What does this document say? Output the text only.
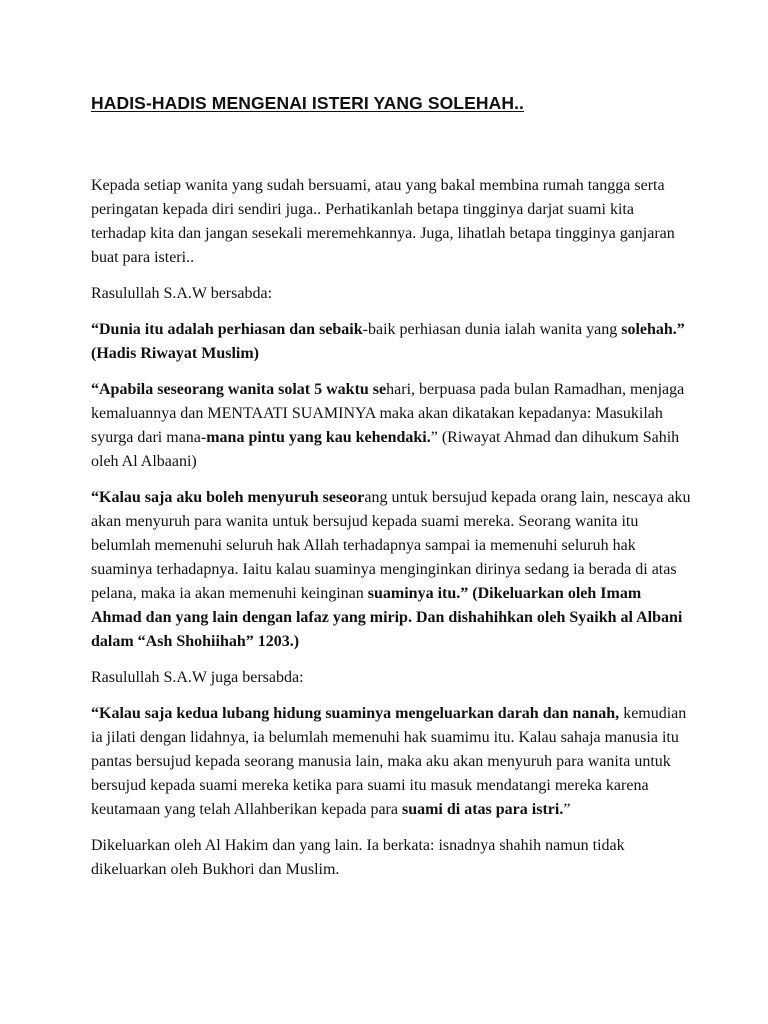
HADIS-HADIS MENGENAI ISTERI YANG SOLEHAH..

Kepada setiap wanita yang sudah bersuami, atau yang bakal membina rumah tangga serta peringatan kepada diri sendiri juga.. Perhatikanlah betapa tingginya darjat suami kita terhadap kita dan jangan sesekali meremehkannya. Juga, lihatlah betapa tingginya ganjaran buat para isteri..

Rasulullah S.A.W bersabda:

“Dunia itu adalah perhiasan dan sebaik-baik perhiasan dunia ialah wanita yang solehah.” (Hadis Riwayat Muslim)

“Apabila seseorang wanita solat 5 waktu sehari, berpuasa pada bulan Ramadhan, menjaga kemaluannya dan MENTAATI SUAMINYA maka akan dikatakan kepadanya: Masukilah syurga dari mana-mana pintu yang kau kehendaki.” (Riwayat Ahmad dan dihukum Sahih oleh Al Albaani)

“Kalau saja aku boleh menyuruh seseorang untuk bersujud kepada orang lain, nescaya aku akan menyuruh para wanita untuk bersujud kepada suami mereka. Seorang wanita itu belumlah memenuhi seluruh hak Allah terhadapnya sampai ia memenuhi seluruh hak suaminya terhadapnya. Iaitu kalau suaminya menginginkan dirinya sedang ia berada di atas pelana, maka ia akan memenuhi keinginan suaminya itu.” (Dikeluarkan oleh Imam Ahmad dan yang lain dengan lafaz yang mirip. Dan dishahihkan oleh Syaikh al Albani dalam “Ash Shohiihah” 1203.)

Rasulullah S.A.W juga bersabda:

“Kalau saja kedua lubang hidung suaminya mengeluarkan darah dan nanah, kemudian ia jilati dengan lidahnya, ia belumlah memenuhi hak suamimu itu. Kalau sahaja manusia itu pantas bersujud kepada seorang manusia lain, maka aku akan menyuruh para wanita untuk bersujud kepada suami mereka ketika para suami itu masuk mendatangi mereka karena keutamaan yang telah Allahberikan kepada para suami di atas para istri.”

Dikeluarkan oleh Al Hakim dan yang lain. Ia berkata: isnadnya shahih namun tidak dikeluarkan oleh Bukhori dan Muslim.
